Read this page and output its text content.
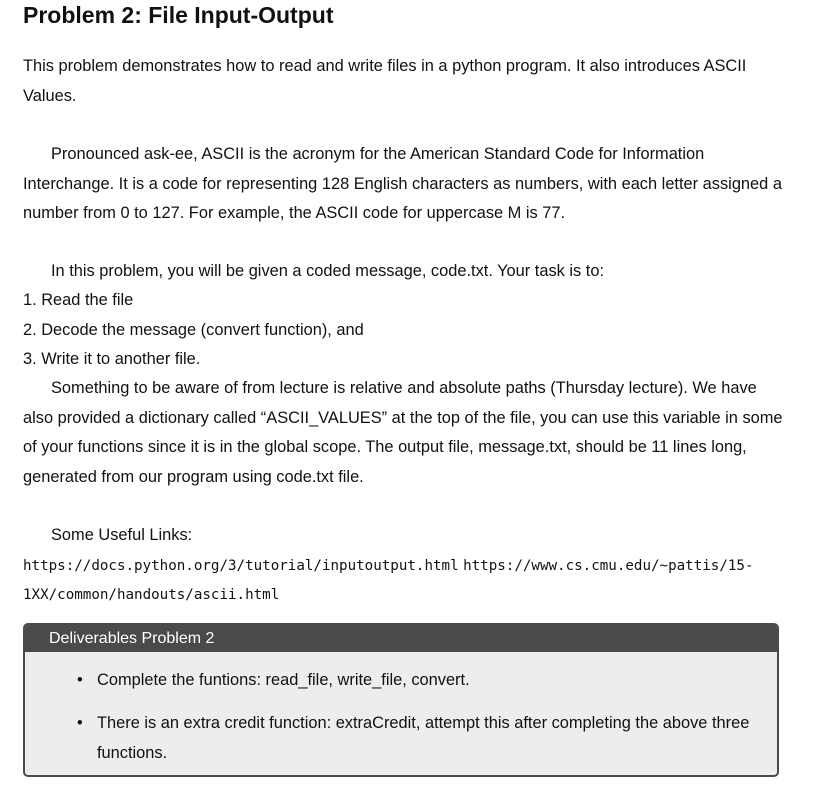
Problem 2: File Input-Output

This problem demonstrates how to read and write files in a python program. It also introduces ASCII Values.

Pronounced ask-ee, ASCII is the acronym for the American Standard Code for Information Interchange. It is a code for representing 128 English characters as numbers, with each letter assigned a number from 0 to 127. For example, the ASCII code for uppercase M is 77.

In this problem, you will be given a coded message, code.txt. Your task is to:

1. Read the file
2. Decode the message (convert function), and
3. Write it to another file.

Something to be aware of from lecture is relative and absolute paths (Thursday lecture). We have also provided a dictionary called “ASCII_VALUES” at the top of the file, you can use this variable in some of your functions since it is in the global scope. The output file, message.txt, should be 11 lines long, generated from our program using code.txt file.

Some Useful Links:

https://docs.python.org/3/tutorial/inputoutput.html https://www.cs.cmu.edu/~pattis/15-1XX/common/handouts/ascii.html
Deliverables Problem 2
• Complete the funtions: read_file, write_file, convert.
• There is an extra credit function: extraCredit, attempt this after completing the above three functions.
